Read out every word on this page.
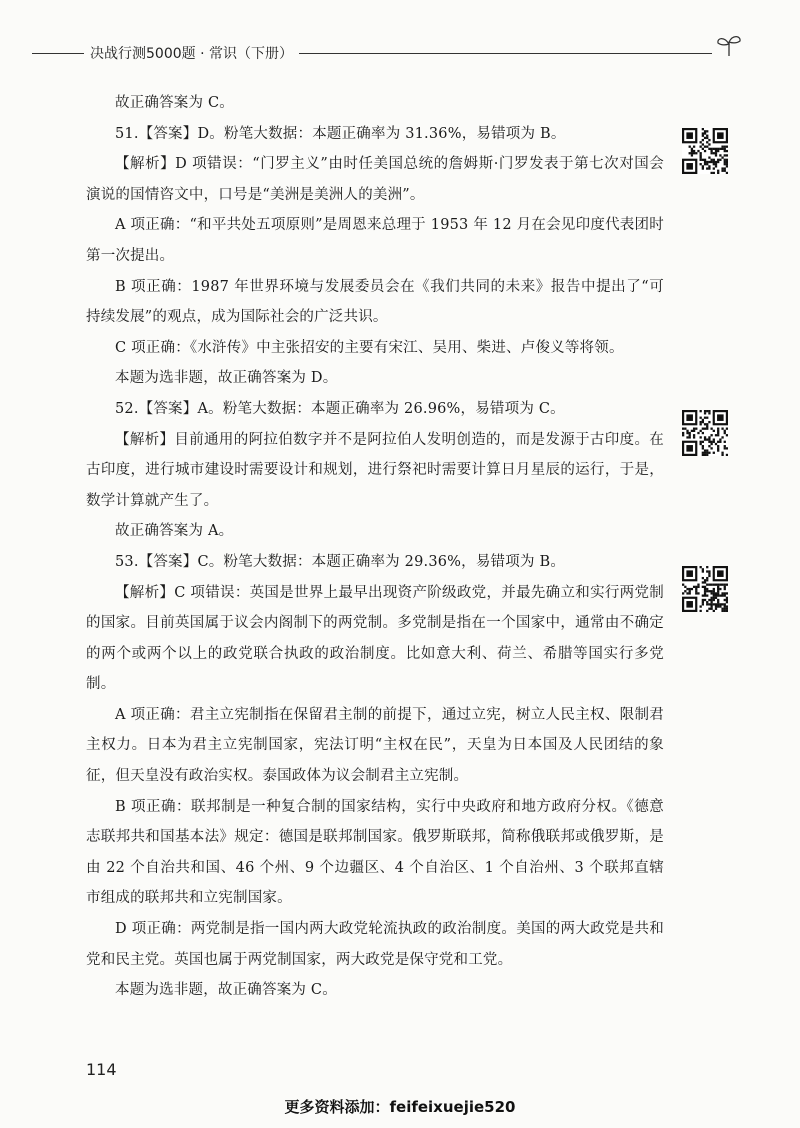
决战行测5000题 · 常识（下册）

故正确答案为 C。

51.【答案】D。粉笔大数据：本题正确率为 31.36%，易错项为 B。

【解析】D 项错误：“门罗主义”由时任美国总统的詹姆斯·门罗发表于第七次对国会演说的国情咨文中，口号是“美洲是美洲人的美洲”。

A 项正确：“和平共处五项原则”是周恩来总理于 1953 年 12 月在会见印度代表团时第一次提出。

B 项正确：1987 年世界环境与发展委员会在《我们共同的未来》报告中提出了“可持续发展”的观点，成为国际社会的广泛共识。

C 项正确：《水浒传》中主张招安的主要有宋江、吴用、柴进、卢俊义等将领。

本题为选非题，故正确答案为 D。

52.【答案】A。粉笔大数据：本题正确率为 26.96%，易错项为 C。

【解析】目前通用的阿拉伯数字并不是阿拉伯人发明创造的，而是发源于古印度。在古印度，进行城市建设时需要设计和规划，进行祭祀时需要计算日月星辰的运行，于是，数学计算就产生了。

故正确答案为 A。

53.【答案】C。粉笔大数据：本题正确率为 29.36%，易错项为 B。

【解析】C 项错误：英国是世界上最早出现资产阶级政党，并最先确立和实行两党制的国家。目前英国属于议会内阁制下的两党制。多党制是指在一个国家中，通常由不确定的两个或两个以上的政党联合执政的政治制度。比如意大利、荷兰、希腊等国实行多党制。

A 项正确：君主立宪制指在保留君主制的前提下，通过立宪，树立人民主权、限制君主权力。日本为君主立宪制国家，宪法订明“主权在民”，天皇为日本国及人民团结的象征，但天皇没有政治实权。泰国政体为议会制君主立宪制。

B 项正确：联邦制是一种复合制的国家结构，实行中央政府和地方政府分权。《德意志联邦共和国基本法》规定：德国是联邦制国家。俄罗斯联邦，简称俄联邦或俄罗斯，是由 22 个自治共和国、46 个州、9 个边疆区、4 个自治区、1 个自治州、3 个联邦直辖市组成的联邦共和立宪制国家。

D 项正确：两党制是指一国内两大政党轮流执政的政治制度。美国的两大政党是共和党和民主党。英国也属于两党制国家，两大政党是保守党和工党。

本题为选非题，故正确答案为 C。

114
更多资料添加：feifeixuejie520
